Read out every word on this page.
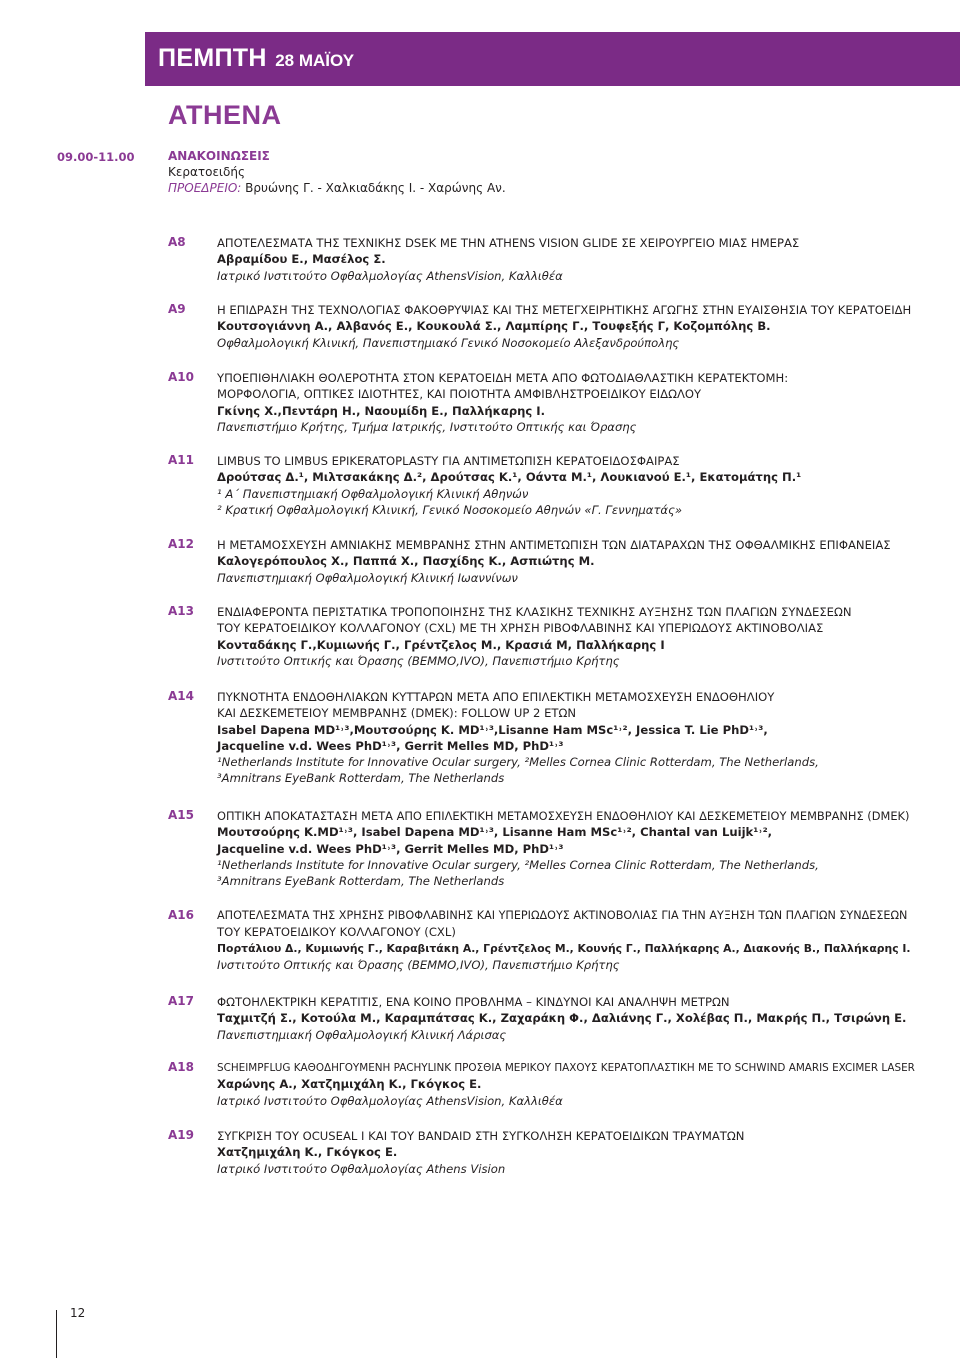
ΠΕΜΠΤΗ 28 ΜΑΪΟΥ
ATHENA
09.00-11.00	ΑΝΑΚΟΙΝΩΣΕΙΣ
Κερατοειδής
ΠΡΟΕΔΡΕΙΟ: Βρυώνης Γ. - Χαλκιαδάκης Ι. - Χαρώνης Αν.
A8	ΑΠΟΤΕΛΕΣΜΑΤΑ ΤΗΣ ΤΕΧΝΙΚΗΣ DSEK ΜΕ ΤΗΝ ATHENS VISION GLIDE ΣΕ ΧΕΙΡΟΥΡΓΕΙΟ ΜΙΑΣ ΗΜΕΡΑΣ
Αβραμίδου Ε., Μασέλος Σ.
Ιατρικό Ινστιτούτο Οφθαλμολογίας AthensVision, Καλλιθέα
A9	Η ΕΠΙΔΡΑΣΗ ΤΗΣ ΤΕΧΝΟΛΟΓΙΑΣ ΦΑΚΟΘΡΥΨΙΑΣ ΚΑΙ ΤΗΣ ΜΕΤΕΓΧΕΙΡΗΤΙΚΗΣ ΑΓΩΓΗΣ ΣΤΗΝ ΕΥΑΙΣΘΗΣΙΑ ΤΟΥ ΚΕΡΑΤΟΕΙΔΗ
Κουτσογιάννη Α., Αλβανός Ε., Κουκουλά Σ., Λαμπίρης Γ., Τουφεξής Γ, Κοζομπόλης Β.
Οφθαλμολογική Κλινική, Πανεπιστημιακό Γενικό Νοσοκομείο Αλεξανδρούπολης
A10 ΥΠΟΕΠΙΘΗΛΙΑΚΗ ΘΟΛΕΡΟΤΗΤΑ ΣΤΟΝ ΚΕΡΑΤΟΕΙΔΗ ΜΕΤΑ ΑΠΟ ΦΩΤΟΔΙΑΘΛΑΣΤΙΚΗ ΚΕΡΑΤΕΚΤΟΜΗ:
ΜΟΡΦΟΛΟΓΙΑ, ΟΠΤΙΚΕΣ ΙΔΙΟΤΗΤΕΣ, ΚΑΙ ΠΟΙΟΤΗΤΑ ΑΜΦΙΒΛΗΣΤΡΟΕΙΔΙΚΟΥ ΕΙΔΩΛΟΥ
Γκίνης Χ.,Πεντάρη Η., Ναουμίδη Ε., Παλλήκαρης Ι.
Πανεπιστήμιο Κρήτης, Τμήμα Ιατρικής, Ινστιτούτο Οπτικής και Όρασης
A11 LIMBUS TO LIMBUS EPIKERATOPLASTY ΓΙΑ ΑΝΤΙΜΕΤΩΠΙΣΗ ΚΕΡΑΤΟΕΙΔΟΣΦΑΙΡΑΣ
Δρούτσας Δ.¹, Μιλτσακάκης Δ.², Δρούτσας Κ.¹, Οάντα Μ.¹, Λουκιανού Ε.¹, Εκατομάτης Π.¹
¹ Α΄ Πανεπιστημιακή Οφθαλμολογική Κλινική Αθηνών
² Κρατική Οφθαλμολογική Κλινική, Γενικό Νοσοκομείο Αθηνών «Γ. Γεννηματάς»
A12 Η ΜΕΤΑΜΟΣΧΕΥΣΗ ΑΜΝΙΑΚΗΣ ΜΕΜΒΡΑΝΗΣ ΣΤΗΝ ΑΝΤΙΜΕΤΩΠΙΣΗ ΤΩΝ ΔΙΑΤΑΡΑΧΩΝ ΤΗΣ ΟΦΘΑΛΜΙΚΗΣ ΕΠΙΦΑΝΕΙΑΣ
Καλογερόπουλος Χ., Παππά Χ., Πασχίδης Κ., Ασπιώτης Μ.
Πανεπιστημιακή Οφθαλμολογική Κλινική Ιωαννίνων
A13 ΕΝΔΙΑΦΕΡΟΝΤΑ ΠΕΡΙΣΤΑΤΙΚΑ ΤΡΟΠΟΠΟΙΗΣΗΣ ΤΗΣ ΚΛΑΣΙΚΗΣ ΤΕΧΝΙΚΗΣ ΑΥΞΗΣΗΣ ΤΩΝ ΠΛΑΓΙΩΝ ΣΥΝΔΕΣΕΩΝ
ΤΟΥ ΚΕΡΑΤΟΕΙΔΙΚΟΥ ΚΟΛΛΑΓΟΝΟΥ (CXL) ΜΕ ΤΗ ΧΡΗΣΗ ΡΙΒΟΦΛΑΒΙΝΗΣ ΚΑΙ ΥΠΕΡΙΩΔΟΥΣ ΑΚΤΙΝΟΒΟΛΙΑΣ
Κονταδάκης Γ.,Κυμιωνής Γ., Γρέντζελος Μ., Κρασιά Μ, Παλλήκαρης Ι
Ινστιτούτο Οπτικής και Όρασης (ΒΕΜΜΟ,ΙVO), Πανεπιστήμιο Κρήτης
A14 ΠΥΚΝΟΤΗΤΑ ΕΝΔΟΘΗΛΙΑΚΩΝ ΚΥΤΤΑΡΩΝ ΜΕΤΑ ΑΠΟ ΕΠΙΛΕΚΤΙΚΗ ΜΕΤΑΜΟΣΧΕΥΣΗ ΕΝΔΟΘΗΛΙΟΥ
ΚΑΙ ΔΕΣΚΕΜΕΤΕΙΟΥ ΜΕΜΒΡΑΝΗΣ (DMEK): FOLLOW UP 2 ΕΤΩΝ
Isabel Dapena MD¹˒³,Μουτσούρης Κ. MD¹˒³,Lisanne Ham MSc¹˒², Jessica T. Lie PhD¹˒³,
Jacqueline v.d. Wees PhD¹˒³, Gerrit Melles MD, PhD¹˒³
¹Netherlands Institute for Innovative Ocular surgery, ²Melles Cornea Clinic Rotterdam, The Netherlands,
³Amnitrans EyeBank Rotterdam, The Netherlands
A15 ΟΠΤΙΚΗ ΑΠΟΚΑΤΑΣΤΑΣΗ ΜΕΤΑ ΑΠΟ ΕΠΙΛΕΚΤΙΚΗ ΜΕΤΑΜΟΣΧΕΥΣΗ ΕΝΔΟΘΗΛΙΟΥ ΚΑΙ ΔΕΣΚΕΜΕΤΕΙΟΥ ΜΕΜΒΡΑΝΗΣ (DMEK)
Μουτσούρης Κ.MD¹˒³, Isabel Dapena MD¹˒³, Lisanne Ham MSc¹˒², Chantal van Luijk¹˒²,
Jacqueline v.d. Wees PhD¹˒³, Gerrit Melles MD, PhD¹˒³
¹Netherlands Institute for Innovative Ocular surgery, ²Melles Cornea Clinic Rotterdam, The Netherlands,
³Amnitrans EyeBank Rotterdam, The Netherlands
A16 ΑΠΟΤΕΛΕΣΜΑΤΑ ΤΗΣ ΧΡΗΣΗΣ ΡΙΒΟΦΛΑΒΙΝΗΣ ΚΑΙ ΥΠΕΡΙΩΔΟΥΣ ΑΚΤΙΝΟΒΟΛΙΑΣ ΓΙΑ ΤΗΝ ΑΥΞΗΣΗ ΤΩΝ ΠΛΑΓΙΩΝ ΣΥΝΔΕΣΕΩΝ
ΤΟΥ ΚΕΡΑΤΟΕΙΔΙΚΟΥ ΚΟΛΛΑΓΟΝΟΥ (CXL)
Πορτάλιου Δ., Κυμιωνής Γ., Καραβιτάκη Α., Γρέντζελος Μ., Κουνής Γ., Παλλήκαρης Α., Διακονής Β., Παλλήκαρης Ι.
Ινστιτούτο Οπτικής και Όρασης (ΒΕΜΜΟ,ΙVO), Πανεπιστήμιο Κρήτης
A17 ΦΩΤΟΗΛΕΚΤΡΙΚΗ ΚΕΡΑΤΙΤΙΣ, ΕΝΑ ΚΟΙΝΟ ΠΡΟΒΛΗΜΑ – ΚΙΝΔΥΝΟΙ ΚΑΙ ΑΝΑΛΗΨΗ ΜΕΤΡΩΝ
Ταχμιτζή Σ., Κοτούλα Μ., Καραμπάτσας Κ., Ζαχαράκη Φ., Δαλιάνης Γ., Χολέβας Π., Μακρής Π., Τσιρώνη Ε.
Πανεπιστημιακή Οφθαλμολογική Κλινική Λάρισας
A18 SCHEIMPFLUG ΚΑΘΟΔΗΓΟΥΜΕΝΗ PACHYLINK ΠΡΟΣΘΙΑ ΜΕΡΙΚΟΥ ΠΑΧΟΥΣ ΚΕΡΑΤΟΠΛΑΣΤΙΚΗ ΜΕ ΤΟ SCHWIND AMARIS EXCIMER LASER
Χαρώνης Α., Χατζημιχάλη Κ., Γκόγκος Ε.
Ιατρικό Ινστιτούτο Οφθαλμολογίας AthensVision, Καλλιθέα
A19 ΣΥΓΚΡΙΣΗ ΤΟΥ OCUSEAL I ΚΑΙ ΤΟΥ BANDAID ΣΤΗ ΣΥΓΚΟΛΗΣΗ ΚΕΡΑΤΟΕΙΔΙΚΩΝ ΤΡΑΥΜΑΤΩΝ
Χατζημιχάλη Κ., Γκόγκος Ε.
Ιατρικό Ινστιτούτο Οφθαλμολογίας Athens Vision
12
